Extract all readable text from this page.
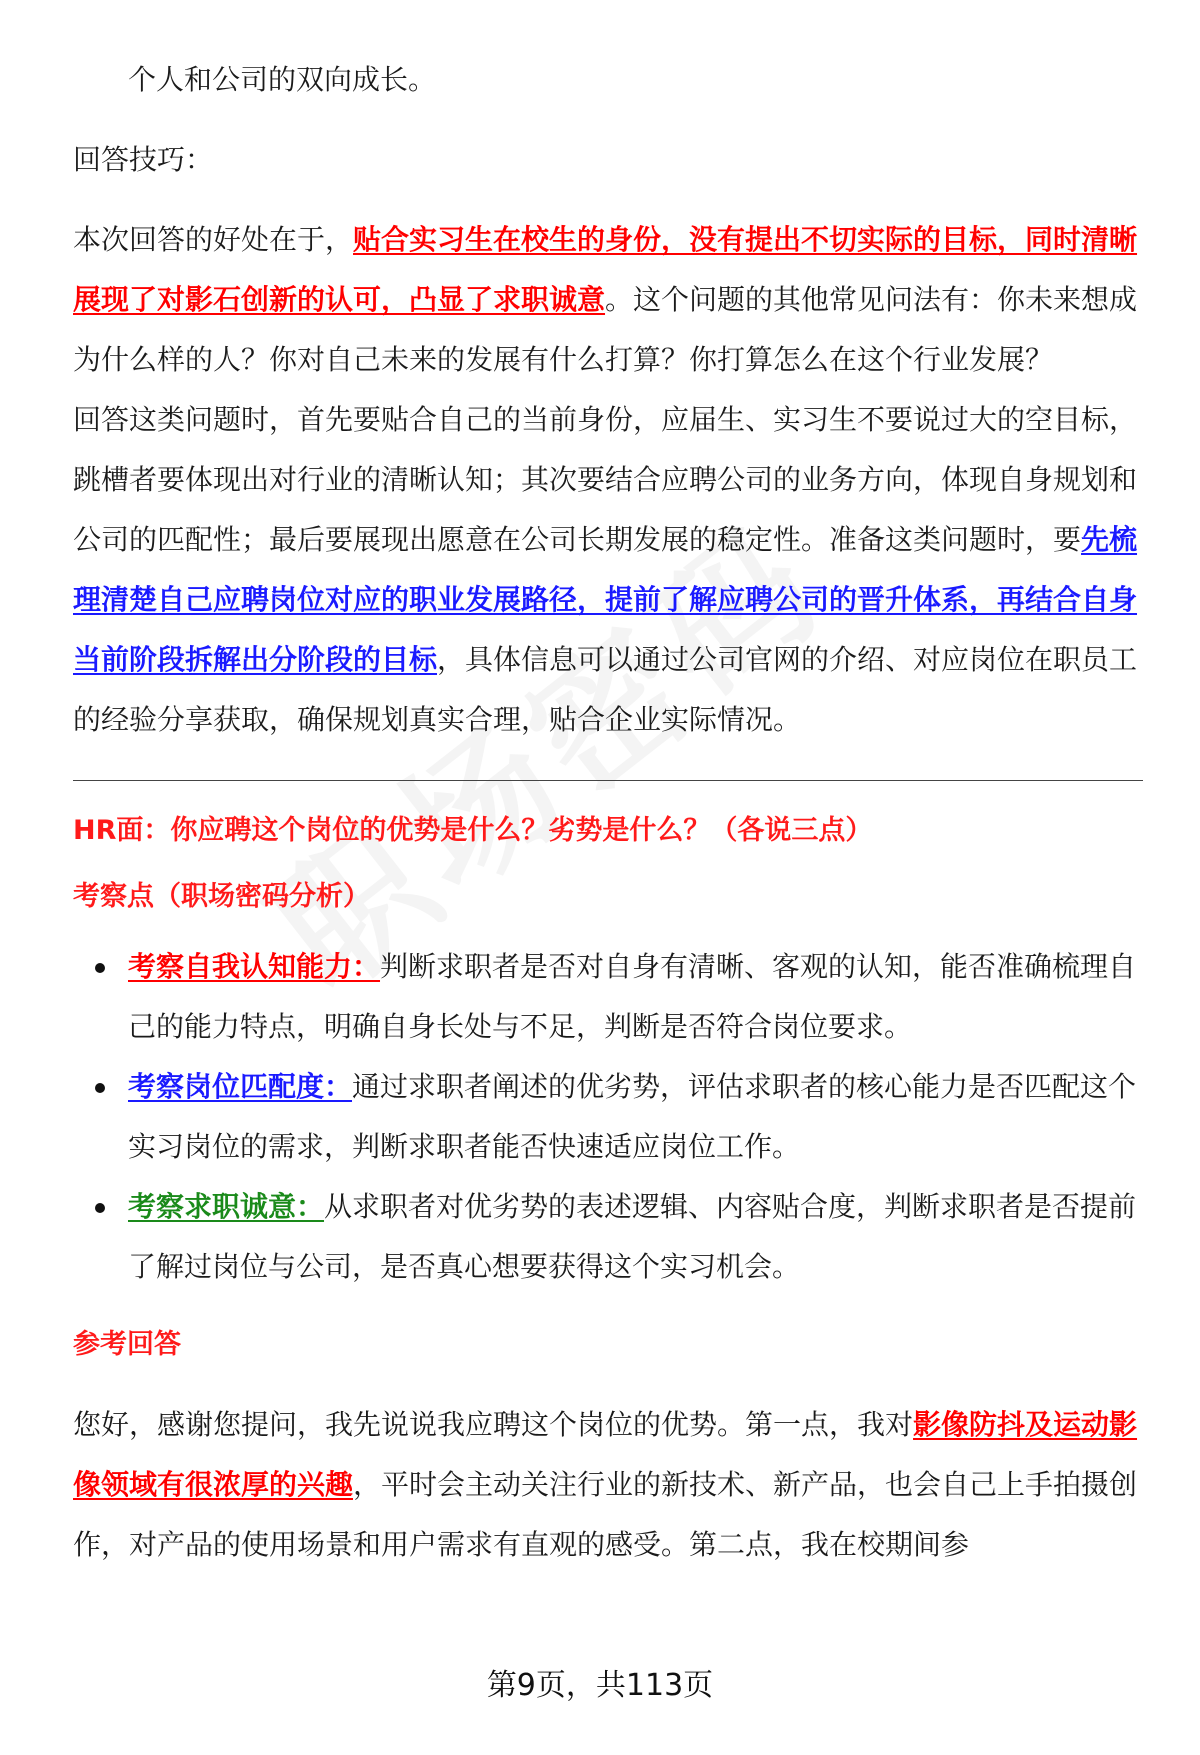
个人和公司的双向成长。

回答技巧：

本次回答的好处在于，贴合实习生在校生的身份，没有提出不切实际的目标，同时清晰展现了对影石创新的认可，凸显了求职诚意。这个问题的其他常见问法有：你未来想成为什么样的人？你对自己未来的发展有什么打算？你打算怎么在这个行业发展？

回答这类问题时，首先要贴合自己的当前身份，应届生、实习生不要说过大的空目标，跳槽者要体现出对行业的清晰认知；其次要结合应聘公司的业务方向，体现自身规划和公司的匹配性；最后要展现出愿意在公司长期发展的稳定性。准备这类问题时，要先梳理清楚自己应聘岗位对应的职业发展路径，提前了解应聘公司的晋升体系，再结合自身当前阶段拆解出分阶段的目标，具体信息可以通过公司官网的介绍、对应岗位在职员工的经验分享获取，确保规划真实合理，贴合企业实际情况。

HR面：你应聘这个岗位的优势是什么？劣势是什么？（各说三点）

考察点（职场密码分析）

考察自我认知能力：判断求职者是否对自身有清晰、客观的认知，能否准确梳理自己的能力特点，明确自身长处与不足，判断是否符合岗位要求。
考察岗位匹配度：通过求职者阐述的优劣势，评估求职者的核心能力是否匹配这个实习岗位的需求，判断求职者能否快速适应岗位工作。
考察求职诚意：从求职者对优劣势的表述逻辑、内容贴合度，判断求职者是否提前了解过岗位与公司，是否真心想要获得这个实习机会。

参考回答

您好，感谢您提问，我先说说我应聘这个岗位的优势。第一点，我对影像防抖及运动影像领域有很浓厚的兴趣，平时会主动关注行业的新技术、新产品，也会自己上手拍摄创作，对产品的使用场景和用户需求有直观的感受。第二点，我在校期间参

第9页，共113页
